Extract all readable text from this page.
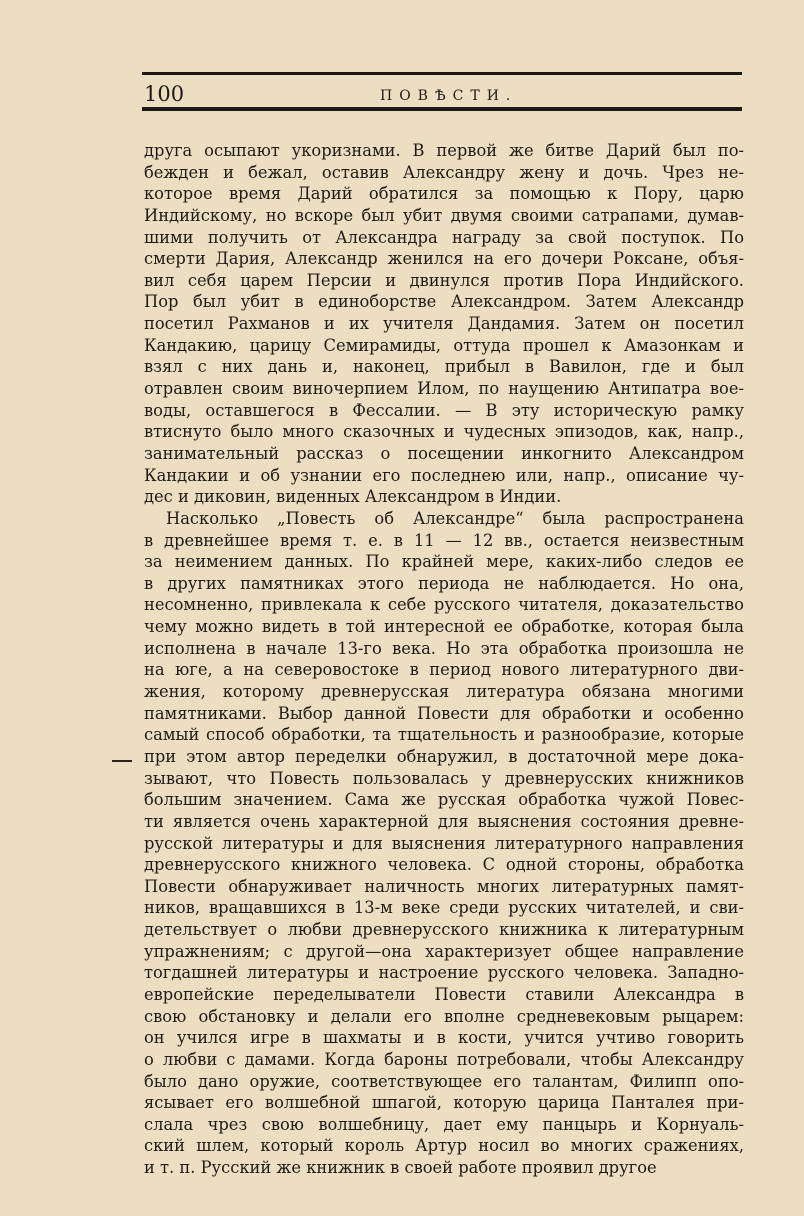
100	ПОВѢСТИ.
друга осыпают укоризнами. В первой же битве Дарий был по-
бежден и бежал, оставив Александру жену и дочь. Чрез не-
которое время Дарий обратился за помощью к Пору, царю
Индийскому, но вскоре был убит двумя своими сатрапами, думав-
шими получить от Александра награду за свой поступок. По
смерти Дария, Александр женился на его дочери Роксане, объя-
вил себя царем Персии и двинулся против Пора Индийского.
Пор был убит в единоборстве Александром. Затем Александр
посетил Рахманов и их учителя Дандамия. Затем он посетил
Кандакию, царицу Семирамиды, оттуда прошел к Амазонкам и
взял с них дань и, наконец, прибыл в Вавилон, где и был
отравлен своим виночерпием Илом, по наущению Антипатра вое-
воды, оставшегося в Фессалии. — В эту историческую рамку
втиснуто было много сказочных и чудесных эпизодов, как, напр.,
занимательный рассказ о посещении инкогнито Александром
Кандакии и об узнании его последнею или, напр., описание чу-
дес и диковин, виденных Александром в Индии.
Насколько „Повесть об Александре“ была распространена
в древнейшее время т. е. в 11 — 12 вв., остается неизвестным
за неимением данных. По крайней мере, каких-либо следов ее
в других памятниках этого периода не наблюдается. Но она,
несомненно, привлекала к себе русского читателя, доказательство
чему можно видеть в той интересной ее обработке, которая была
исполнена в начале 13-го века. Но эта обработка произошла не
на юге, а на северовостоке в период нового литературного дви-
жения, которому древнерусская литература обязана многими
памятниками. Выбор данной Повести для обработки и особенно
самый способ обработки, та тщательность и разнообразие, которые
при этом автор переделки обнаружил, в достаточной мере дока-
зывают, что Повесть пользовалась у древнерусских книжников
большим значением. Сама же русская обработка чужой Повес-
ти является очень характерной для выяснения состояния древне-
русской литературы и для выяснения литературного направления
древнерусского книжного человека. С одной стороны, обработка
Повести обнаруживает наличность многих литературных памят-
ников, вращавшихся в 13-м веке среди русских читателей, и сви-
детельствует о любви древнерусского книжника к литературным
упражнениям; с другой—она характеризует общее направление
тогдашней литературы и настроение русского человека. Западно-
европейские переделыватели Повести ставили Александра в
свою обстановку и делали его вполне средневековым рыцарем:
он учился игре в шахматы и в кости, учится учтиво говорить
о любви с дамами. Когда бароны потребовали, чтобы Александру
было дано оружие, соответствующее его талантам, Филипп опо-
ясывает его волшебной шпагой, которую царица Панталея при-
слала чрез свою волшебницу, дает ему панцырь и Корнуаль-
ский шлем, который король Артур носил во многих сражениях,
и т. п. Русский же книжник в своей работе проявил другое
